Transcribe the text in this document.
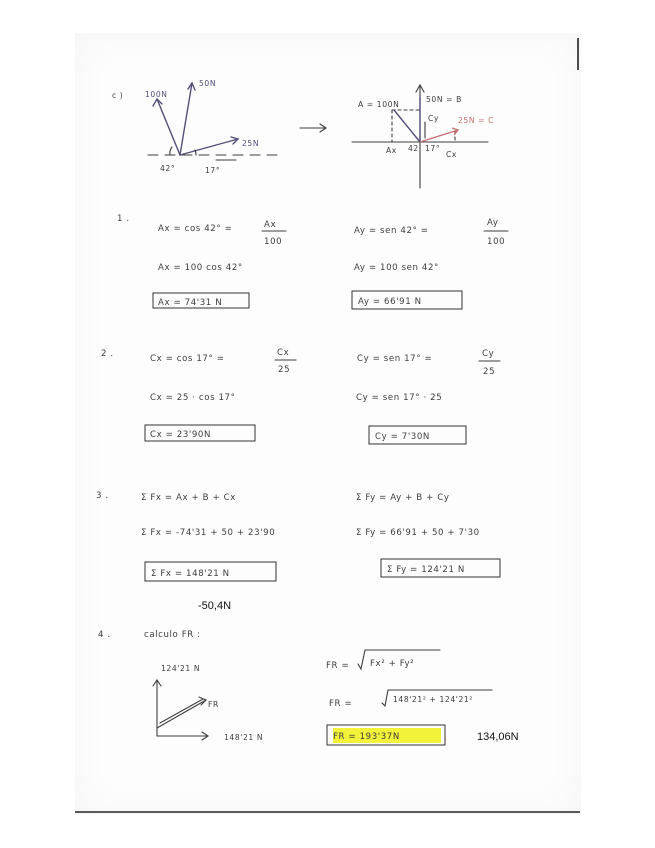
c )	100N
50N
25N
42°	17°
A = 100N
50N = B
Cy	25N = C
Ax 42 17°
Cx
1 .
Ax = cos 42° =	Ax
100
Ax = 100 cos 42°
Ax = 74'31 N
Ay = sen 42° =
Ay
100
Ay = 100 sen 42°
Ay = 66'91 N
2 .	Cx = cos 17° =
Cx
25
Cx = 25 · cos 17°
Cx = 23'90N
Cy = sen 17° =	Cy
25
Cy = sen 17° · 25
Cy = 7'30N
3 .	Σ Fx = Ax + B + Cx
Σ Fx = -74'31 + 50 + 23'90
Σ Fx = 148'21 N
Σ Fy = Ay + B + Cy
Σ Fy = 66'91 + 50 + 7'30
Σ Fy = 124'21 N
-50,4N
4 .	calculo FR :
124'21 N
FR
148'21 N
FR = Fx² + Fy²
FR =	148'21² + 124'21²
FR = 193'37N	134,06N
